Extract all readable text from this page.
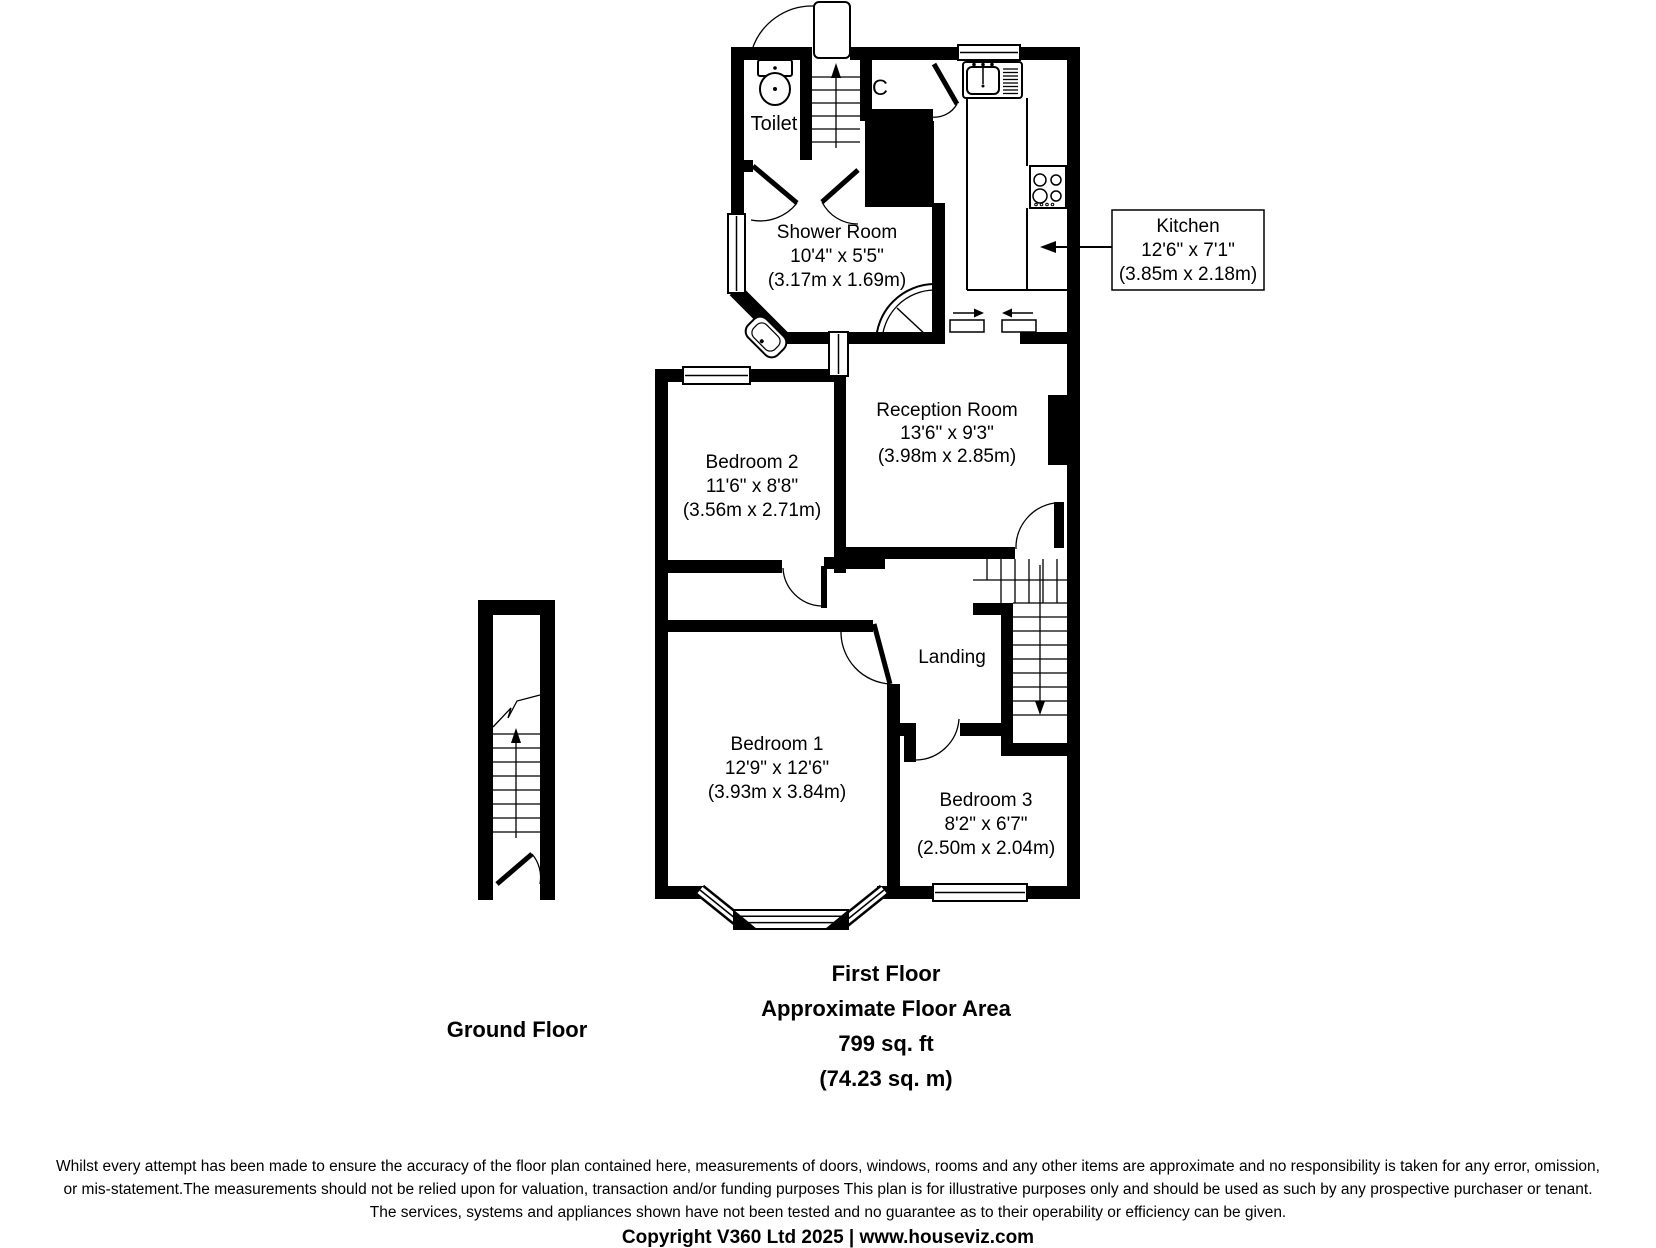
Kitchen
12'6" x 7'1"
(3.85m x 2.18m)
Toilet
C
Shower Room
10'4" x 5'5"
(3.17m x 1.69m)
Reception Room
13'6" x 9'3"
(3.98m x 2.85m)
Bedroom 2
11'6" x 8'8"
(3.56m x 2.71m)
Landing
Bedroom 1
12'9" x 12'6"
(3.93m x 3.84m)	Bedroom 3
8'2" x 6'7"
(2.50m x 2.04m)
Ground Floor
First Floor
Approximate Floor Area
799 sq. ft
(74.23 sq. m)
Whilst every attempt has been made to ensure the accuracy of the floor plan contained here, measurements of doors, windows, rooms and any other items are approximate and no responsibility is taken for any error, omission,
or mis-statement.The measurements should not be relied upon for valuation, transaction and/or funding purposes This plan is for illustrative purposes only and should be used as such by any prospective purchaser or tenant.
The services, systems and appliances shown have not been tested and no guarantee as to their operability or efficiency can be given.
Copyright V360 Ltd 2025 | www.houseviz.com
